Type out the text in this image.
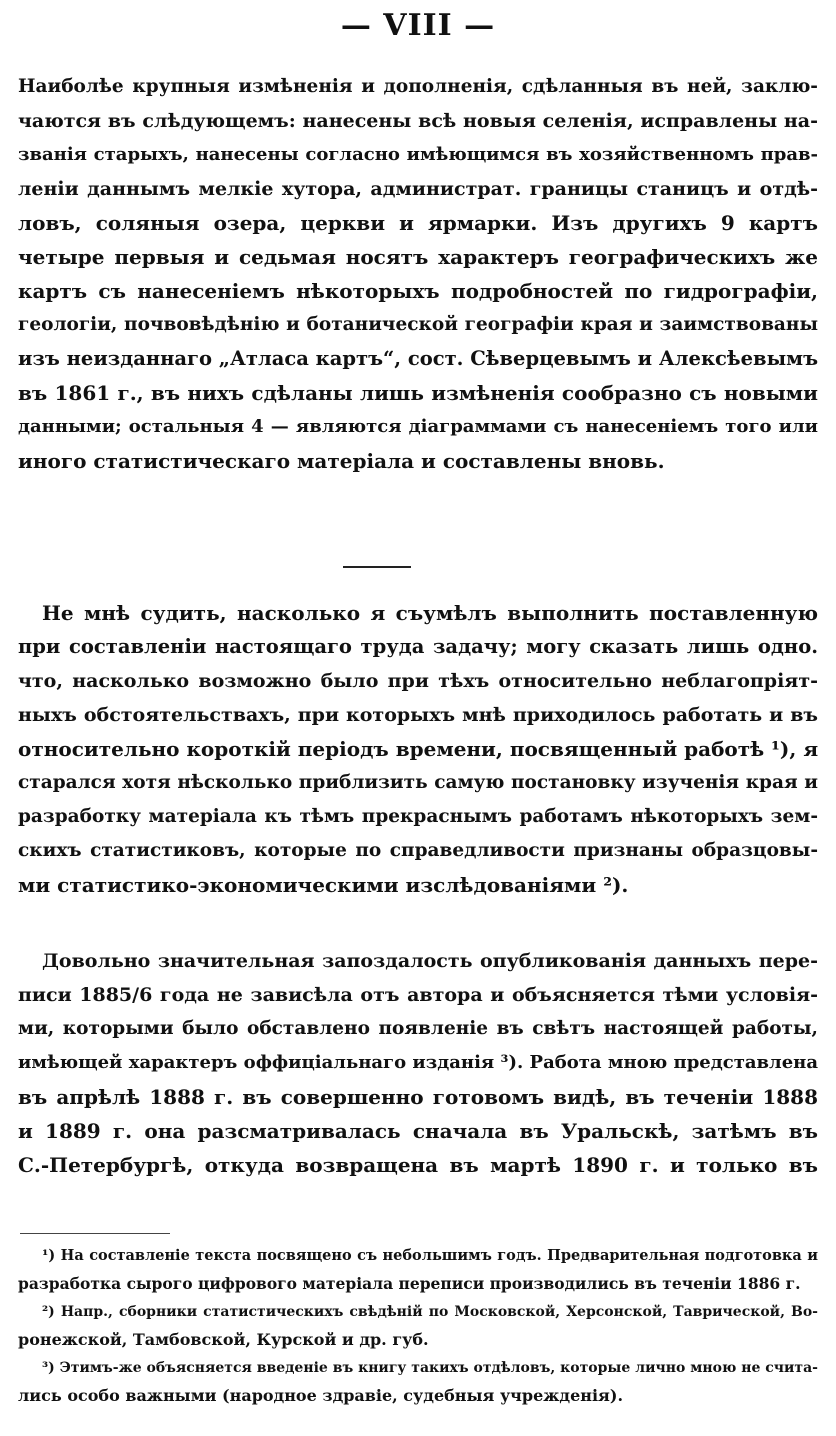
— VIII —
Наиболѣе крупныя измѣненія и дополненія, сдѣланныя въ ней, заклю-
чаются въ слѣдующемъ: нанесены всѣ новыя селенія, исправлены на-
званія старыхъ, нанесены согласно имѣющимся въ хозяйственномъ прав-
леніи даннымъ мелкіе хутора, администрат. границы станицъ и отдѣ-
ловъ, соляныя озера, церкви и ярмарки. Изъ другихъ 9 картъ
четыре первыя и седьмая носятъ характеръ географическихъ же
картъ съ нанесеніемъ нѣкоторыхъ подробностей по гидрографіи,
геологіи, почвовѣдѣнію и ботанической географіи края и заимствованы
изъ неизданнаго „Атласа картъ“, сост. Сѣверцевымъ и Алексѣевымъ
въ 1861 г., въ нихъ сдѣланы лишь измѣненія сообразно съ новыми
данными; остальныя 4 — являются діаграммами съ нанесеніемъ того или
иного статистическаго матеріала и составлены вновь.
Не мнѣ судить, насколько я съумѣлъ выполнить поставленную
при составленіи настоящаго труда задачу; могу сказать лишь одно.
что, насколько возможно было при тѣхъ относительно неблагопріят-
ныхъ обстоятельствахъ, при которыхъ мнѣ приходилось работать и въ
относительно короткій періодъ времени, посвященный работѣ ¹), я
старался хотя нѣсколько приблизить самую постановку изученія края и
разработку матеріала къ тѣмъ прекраснымъ работамъ нѣкоторыхъ зем-
скихъ статистиковъ, которые по справедливости признаны образцовы-
ми статистико-экономическими изслѣдованіями ²).
Довольно значительная запоздалость опубликованія данныхъ пере-
писи 1885/6 года не зависѣла отъ автора и объясняется тѣми условія-
ми, которыми было обставлено появленіе въ свѣтъ настоящей работы,
имѣющей характеръ оффиціальнаго изданія ³). Работа мною представлена
въ апрѣлѣ 1888 г. въ совершенно готовомъ видѣ, въ теченіи 1888
и 1889 г. она разсматривалась сначала въ Уральскѣ, затѣмъ въ
С.-Петербургѣ, откуда возвращена въ мартѣ 1890 г. и только въ
¹) На составленіе текста посвящено съ небольшимъ годъ. Предварительная подготовка и
разработка сырого цифрового матеріала переписи производились въ теченіи 1886 г.
²) Напр., сборники статистическихъ свѣдѣній по Московской, Херсонской, Таврической, Во-
ронежской, Тамбовской, Курской и др. губ.
³) Этимъ-же объясняется введеніе въ книгу такихъ отдѣловъ, которые лично мною не счита-
лись особо важными (народное здравіе, судебныя учрежденія).
